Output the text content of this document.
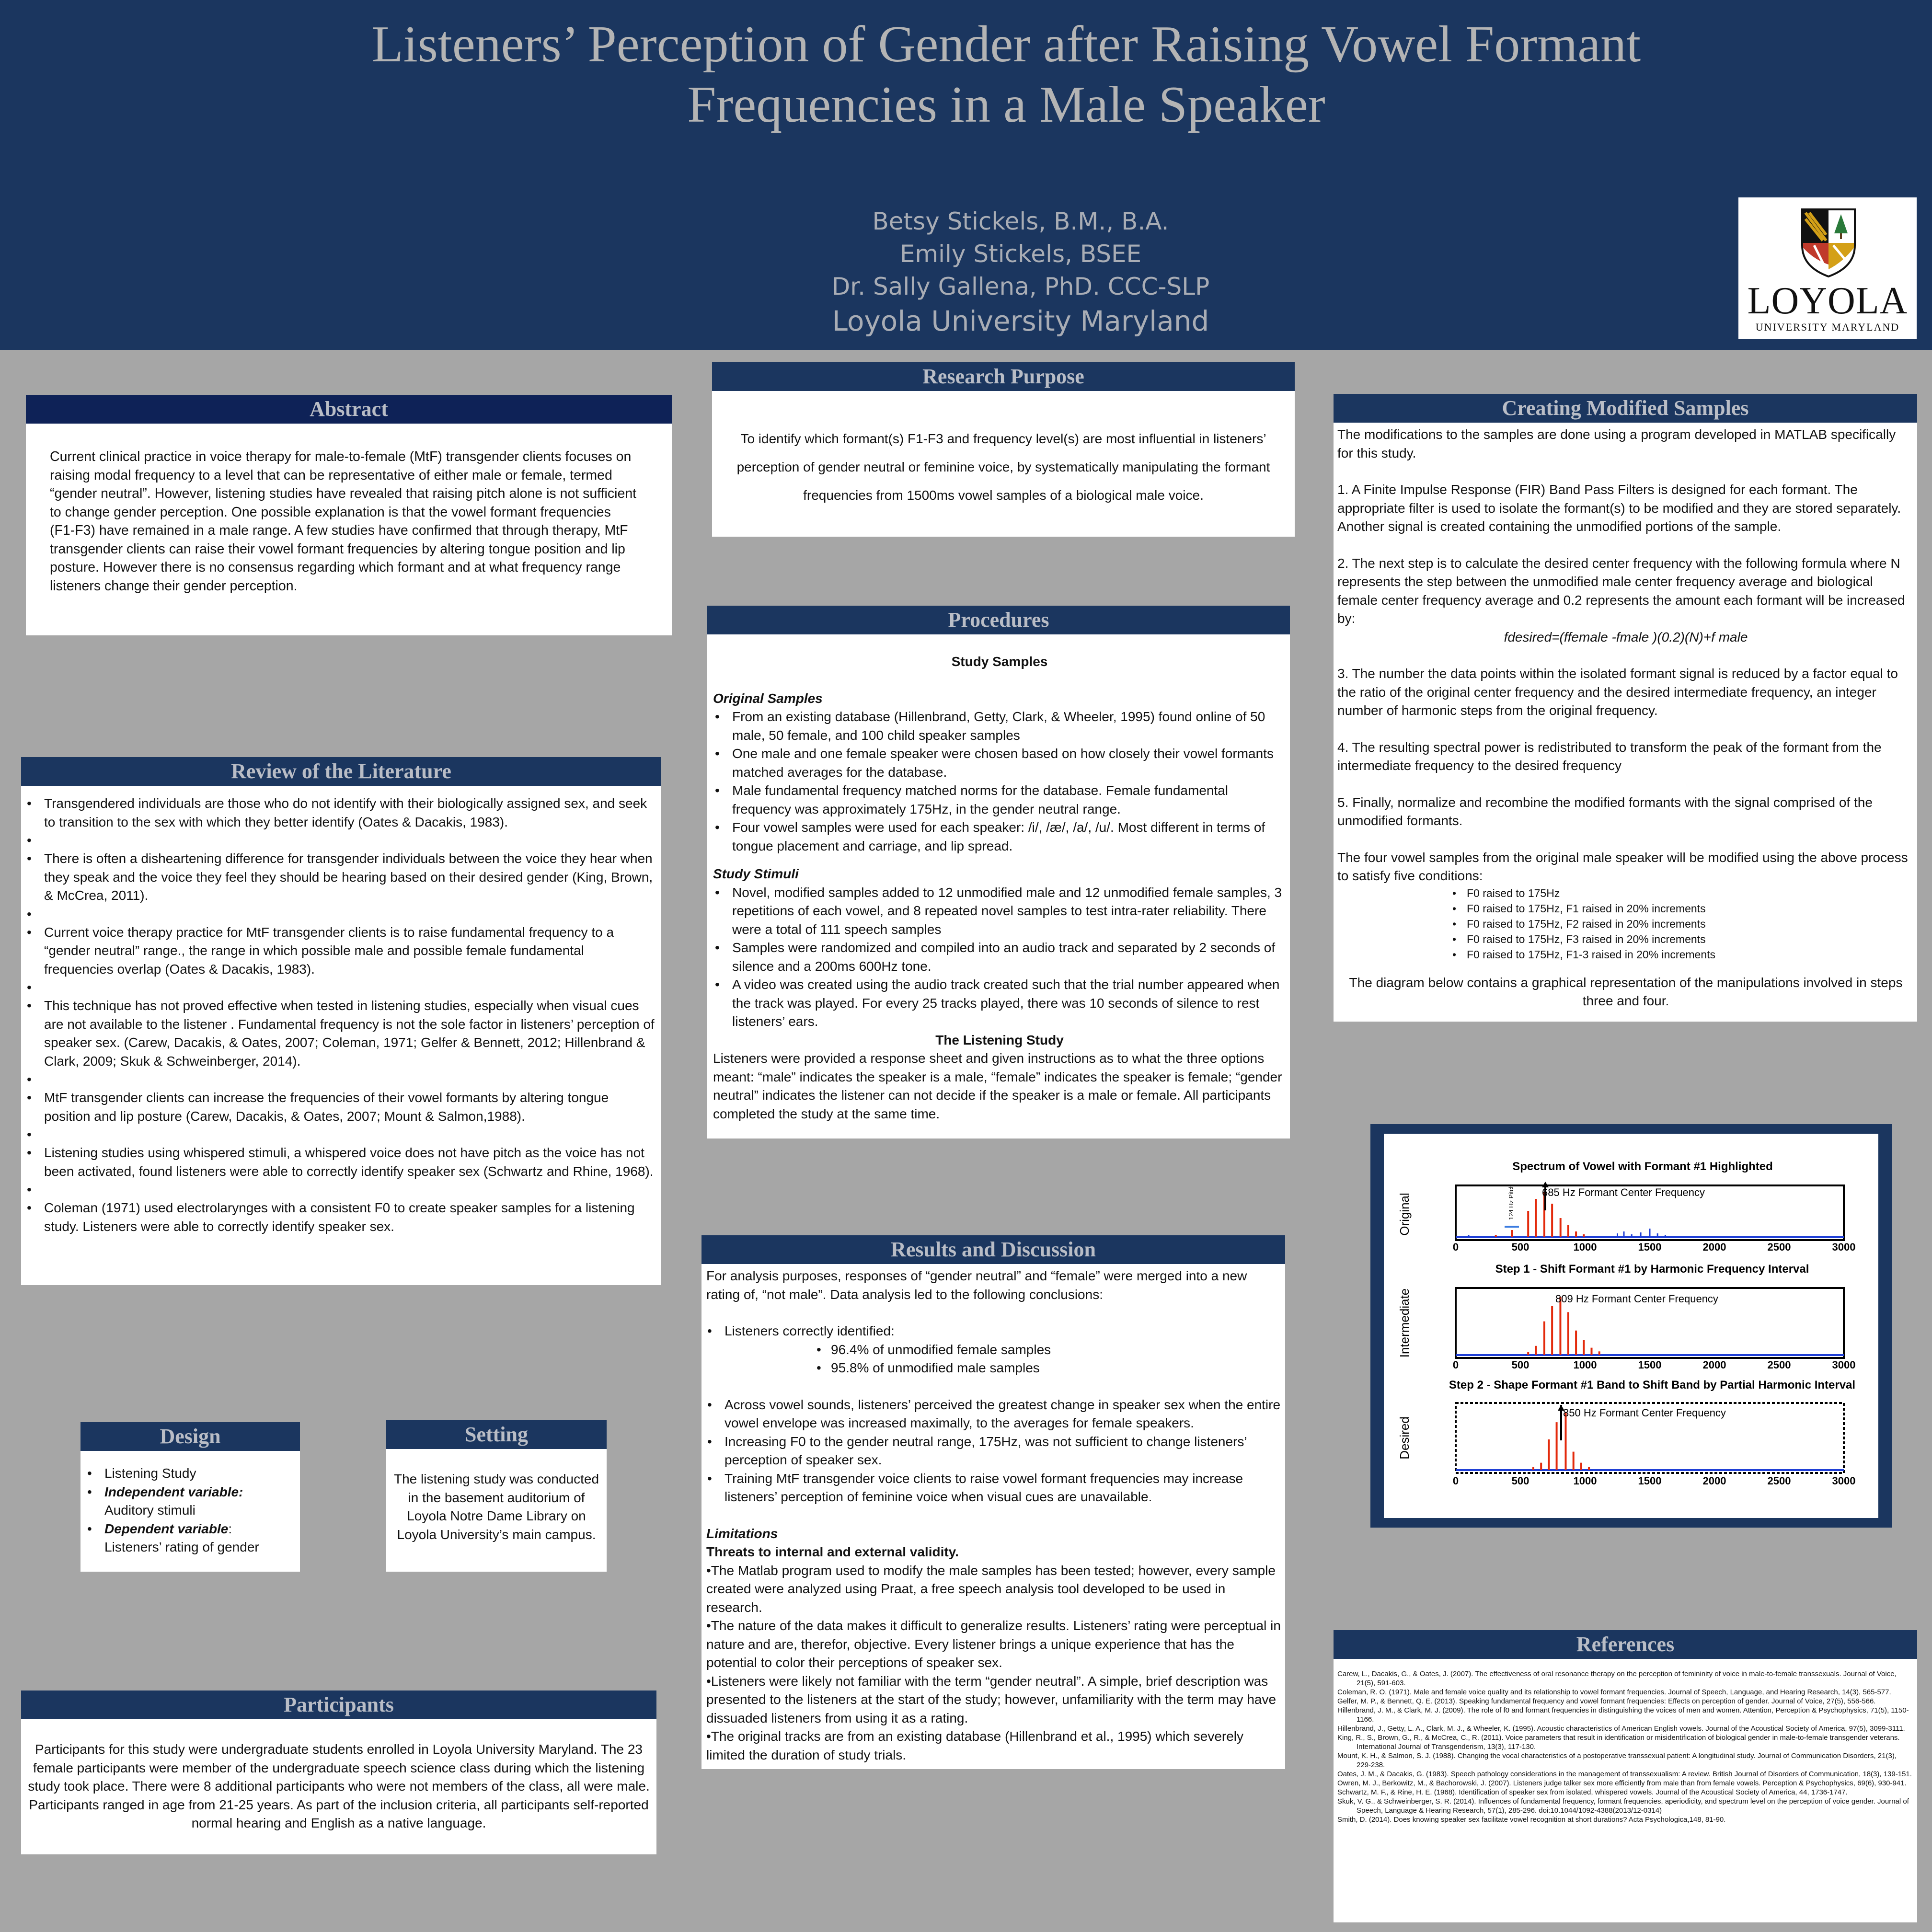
Listeners’ Perception of Gender after Raising Vowel Formant
Frequencies in a Male Speaker
Betsy Stickels, B.M., B.A.
Emily Stickels, BSEE
Dr. Sally Gallena, PhD. CCC-SLP
Loyola University Maryland	LOYOLA
UNIVERSITY MARYLAND
Abstract
Current clinical practice in voice therapy for male-to-female (MtF) transgender clients focuses on raising modal frequency to a level that can be representative of either male or female, termed “gender neutral”. However, listening studies have revealed that raising pitch alone is not sufficient to change gender perception. One possible explanation is that the vowel formant frequencies (F1-F3) have remained in a male range. A few studies have confirmed that through therapy, MtF transgender clients can raise their vowel formant frequencies by altering tongue position and lip posture. However there is no consensus regarding which formant and at what frequency range listeners change their gender perception.
Research Purpose
To identify which formant(s) F1-F3 and frequency level(s) are most influential in listeners’ perception of gender neutral or feminine voice, by systematically manipulating the formant frequencies from 1500ms vowel samples of a biological male voice.
Creating Modified Samples
The modifications to the samples are done using a program developed in MATLAB specifically for this study.
1. A Finite Impulse Response (FIR) Band Pass Filters is designed for each formant. The appropriate filter is used to isolate the formant(s) to be modified and they are stored separately. Another signal is created containing the unmodified portions of the sample.
2. The next step is to calculate the desired center frequency with the following formula where N represents the step between the unmodified male center frequency average and biological female center frequency average and 0.2 represents the amount each formant will be increased by:
fdesired=(ffemale -fmale )(0.2)(N)+f male
3. The number the data points within the isolated formant signal is reduced by a factor equal to the ratio of the original center frequency and the desired intermediate frequency, an integer number of harmonic steps from the original frequency.
4. The resulting spectral power is redistributed to transform the peak of the formant from the intermediate frequency to the desired frequency
5. Finally, normalize and recombine the modified formants with the signal comprised of the unmodified formants.
The four vowel samples from the original male speaker will be modified using the above process to satisfy five conditions:
• F0 raised to 175Hz
• F0 raised to 175Hz, F1 raised in 20% increments
• F0 raised to 175Hz, F2 raised in 20% increments
• F0 raised to 175Hz, F3 raised in 20% increments
• F0 raised to 175Hz, F1-3 raised in 20% increments
The diagram below contains a graphical representation of the manipulations involved in steps three and four.
Procedures
Study Samples
Original Samples
• From an existing database (Hillenbrand, Getty, Clark, & Wheeler, 1995) found online of 50 male, 50 female, and 100 child speaker samples
• One male and one female speaker were chosen based on how closely their vowel formants matched averages for the database.
• Male fundamental frequency matched norms for the database. Female fundamental frequency was approximately 175Hz, in the gender neutral range.
• Four vowel samples were used for each speaker: /i/, /æ/, /a/, /u/. Most different in terms of tongue placement and carriage, and lip spread.
Study Stimuli
• Novel, modified samples added to 12 unmodified male and 12 unmodified female samples, 3 repetitions of each vowel, and 8 repeated novel samples to test intra-rater reliability. There were a total of 111 speech samples
• Samples were randomized and compiled into an audio track and separated by 2 seconds of silence and a 200ms 600Hz tone.
• A video was created using the audio track created such that the trial number appeared when the track was played. For every 25 tracks played, there was 10 seconds of silence to rest listeners’ ears.
The Listening Study
Listeners were provided a response sheet and given instructions as to what the three options meant: “male” indicates the speaker is a male, “female” indicates the speaker is female; “gender neutral” indicates the listener can not decide if the speaker is a male or female. All participants completed the study at the same time.
Review of the Literature
• Transgendered individuals are those who do not identify with their biologically assigned sex, and seek to transition to the sex with which they better identify (Oates & Dacakis, 1983).
•
• There is often a disheartening difference for transgender individuals between the voice they hear when they speak and the voice they feel they should be hearing based on their desired gender (King, Brown, & McCrea, 2011).
•
• Current voice therapy practice for MtF transgender clients is to raise fundamental frequency to a “gender neutral” range., the range in which possible male and possible female fundamental frequencies overlap (Oates & Dacakis, 1983).
•
• This technique has not proved effective when tested in listening studies, especially when visual cues are not available to the listener . Fundamental frequency is not the sole factor in listeners’ perception of speaker sex. (Carew, Dacakis, & Oates, 2007; Coleman, 1971; Gelfer & Bennett, 2012; Hillenbrand & Clark, 2009; Skuk & Schweinberger, 2014).
•
• MtF transgender clients can increase the frequencies of their vowel formants by altering tongue position and lip posture (Carew, Dacakis, & Oates, 2007; Mount & Salmon,1988).
•
• Listening studies using whispered stimuli, a whispered voice does not have pitch as the voice has not been activated, found listeners were able to correctly identify speaker sex (Schwartz and Rhine, 1968).
•
• Coleman (1971) used electrolarynges with a consistent F0 to create speaker samples for a listening study. Listeners were able to correctly identify speaker sex.
Results and Discussion
For analysis purposes, responses of “gender neutral” and “female” were merged into a new rating of, “not male”. Data analysis led to the following conclusions:
• Listeners correctly identified:
• 96.4% of unmodified female samples
• 95.8% of unmodified male samples
• Across vowel sounds, listeners’ perceived the greatest change in speaker sex when the entire vowel envelope was increased maximally, to the averages for female speakers.
• Increasing F0 to the gender neutral range, 175Hz, was not sufficient to change listeners’ perception of speaker sex.
• Training MtF transgender voice clients to raise vowel formant frequencies may increase listeners’ perception of feminine voice when visual cues are unavailable.
Limitations
Threats to internal and external validity.
•The Matlab program used to modify the male samples has been tested; however, every sample created were analyzed using Praat, a free speech analysis tool developed to be used in research.
•The nature of the data makes it difficult to generalize results. Listeners’ rating were perceptual in nature and are, therefor, objective. Every listener brings a unique experience that has the potential to color their perceptions of speaker sex.
•Listeners were likely not familiar with the term “gender neutral”. A simple, brief description was presented to the listeners at the start of the study; however, unfamiliarity with the term may have dissuaded listeners from using it as a rating.
•The original tracks are from an existing database (Hillenbrand et al., 1995) which severely limited the duration of study trials.
Spectrum of Vowel with Formant #1 Highlighted
Original
685 Hz Formant Center Frequency
124 Hz Pitch
0	500	1000	1500	2000	2500	3000
Step 1 - Shift Formant #1 by Harmonic Frequency Interval
Intermediate	809 Hz Formant Center Frequency
0	500	1000	1500	2000	2500	3000
Step 2 - Shape Formant #1 Band to Shift Band by Partial Harmonic Interval
Desired
850 Hz Formant Center Frequency
0	500	1000	1500	2000	2500	3000
Design
• Listening Study
• Independent variable:
Auditory stimuli
• Dependent variable:
Listeners’ rating of gender
Setting
The listening study was conducted in the basement auditorium of Loyola Notre Dame Library on Loyola University’s main campus.
Participants
Participants for this study were undergraduate students enrolled in Loyola University Maryland. The 23 female participants were member of the undergraduate speech science class during which the listening study took place. There were 8 additional participants who were not members of the class, all were male. Participants ranged in age from 21-25 years. As part of the inclusion criteria, all participants self-reported normal hearing and English as a native language.
References
Carew, L., Dacakis, G., & Oates, J. (2007). The effectiveness of oral resonance therapy on the perception of femininity of voice in male-to-female transsexuals. Journal of Voice, 21(5), 591-603.
Coleman, R. O. (1971). Male and female voice quality and its relationship to vowel formant frequencies. Journal of Speech, Language, and Hearing Research, 14(3), 565-577.
Gelfer, M. P., & Bennett, Q. E. (2013). Speaking fundamental frequency and vowel formant frequencies: Effects on perception of gender. Journal of Voice, 27(5), 556-566.
Hillenbrand, J. M., & Clark, M. J. (2009). The role of f0 and formant frequencies in distinguishing the voices of men and women. Attention, Perception & Psychophysics, 71(5), 1150-1166.
Hillenbrand, J., Getty, L. A., Clark, M. J., & Wheeler, K. (1995). Acoustic characteristics of American English vowels. Journal of the Acoustical Society of America, 97(5), 3099-3111.
King, R., S., Brown, G., R., & McCrea, C., R. (2011). Voice parameters that result in identification or misidentification of biological gender in male-to-female transgender veterans. International Journal of Transgenderism, 13(3), 117-130.
Mount, K. H., & Salmon, S. J. (1988). Changing the vocal characteristics of a postoperative transsexual patient: A longitudinal study. Journal of Communication Disorders, 21(3), 229-238.
Oates, J. M., & Dacakis, G. (1983). Speech pathology considerations in the management of transsexualism: A review. British Journal of Disorders of Communication, 18(3), 139-151.
Owren, M. J., Berkowitz, M., & Bachorowski, J. (2007). Listeners judge talker sex more efficiently from male than from female vowels. Perception & Psychophysics, 69(6), 930-941.
Schwartz, M. F., & Rine, H. E. (1968). Identification of speaker sex from isolated, whispered vowels. Journal of the Acoustical Society of America, 44, 1736-1747.
Skuk, V. G., & Schweinberger, S. R. (2014). Influences of fundamental frequency, formant frequencies, aperiodicity, and spectrum level on the perception of voice gender. Journal of Speech, Language & Hearing Research, 57(1), 285-296. doi:10.1044/1092-4388(2013/12-0314)
Smith, D. (2014). Does knowing speaker sex facilitate vowel recognition at short durations? Acta Psychologica,148, 81-90.
